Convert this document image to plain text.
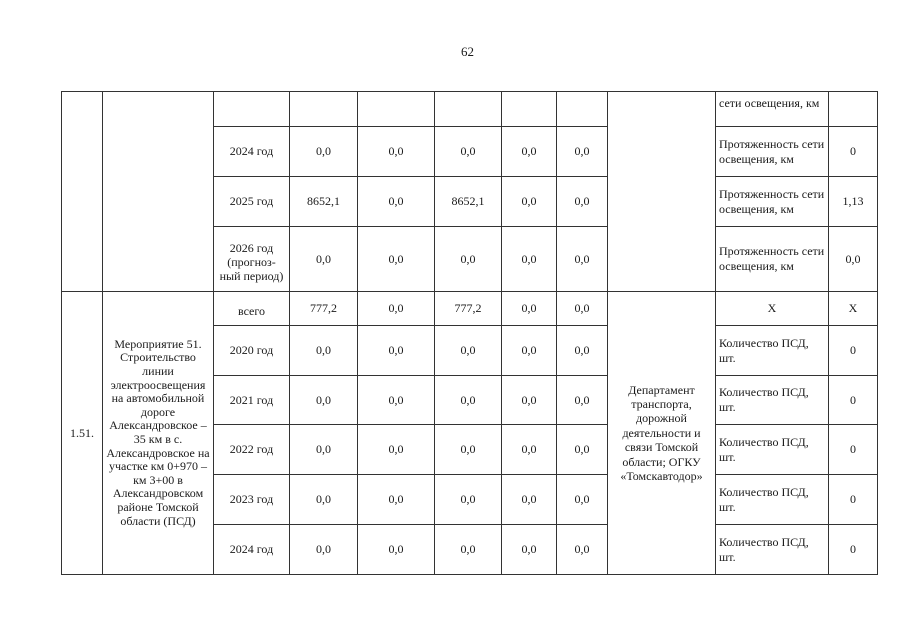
62
									сети освещения, км	
		2024 год	0,0	0,0	0,0	0,0	0,0		Протяженность сети освещения, км	0
		2025 год	8652,1	0,0	8652,1	0,0	0,0		Протяженность сети освещения, км	1,13
		2026 год (прогноз-ный период)	0,0	0,0	0,0	0,0	0,0		Протяженность сети освещения, км	0,0
1.51.	Мероприятие 51. Строительство линии электроосвещения на автомобильной дороге Александровское –35 км в с. Александровское на участке км 0+970 – км 3+00 в Александровском районе Томской области (ПСД)	всего	777,2	0,0	777,2	0,0	0,0	Департамент транспорта, дорожной деятельности и связи Томской области; ОГКУ «Томскавтодор»	Х	Х
		2020 год	0,0	0,0	0,0	0,0	0,0		Количество ПСД, шт.	0
		2021 год	0,0	0,0	0,0	0,0	0,0		Количество ПСД, шт.	0
		2022 год	0,0	0,0	0,0	0,0	0,0		Количество ПСД, шт.	0
		2023 год	0,0	0,0	0,0	0,0	0,0		Количество ПСД, шт.	0
		2024 год	0,0	0,0	0,0	0,0	0,0		Количество ПСД, шт.	0
